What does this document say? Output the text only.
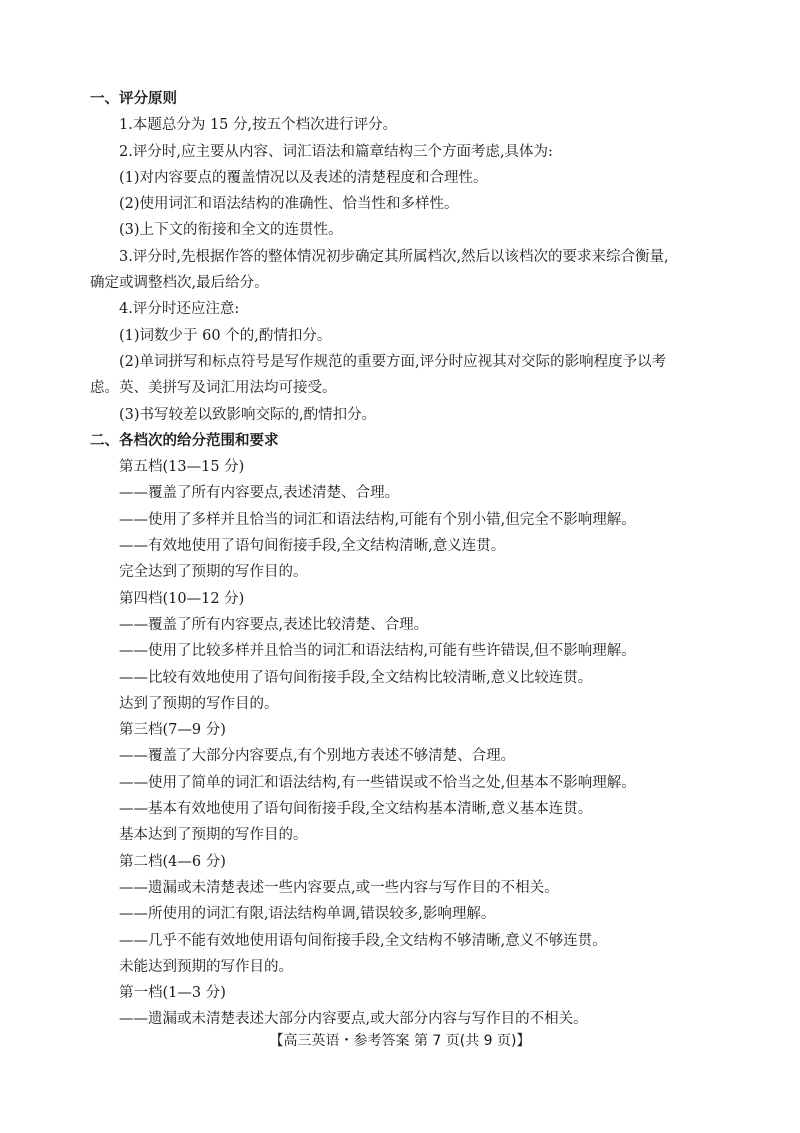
一、评分原则
1.本题总分为 15 分,按五个档次进行评分。
2.评分时,应主要从内容、词汇语法和篇章结构三个方面考虑,具体为:
(1)对内容要点的覆盖情况以及表述的清楚程度和合理性。
(2)使用词汇和语法结构的准确性、恰当性和多样性。
(3)上下文的衔接和全文的连贯性。
3.评分时,先根据作答的整体情况初步确定其所属档次,然后以该档次的要求来综合衡量,
确定或调整档次,最后给分。
4.评分时还应注意:
(1)词数少于 60 个的,酌情扣分。
(2)单词拼写和标点符号是写作规范的重要方面,评分时应视其对交际的影响程度予以考
虑。英、美拼写及词汇用法均可接受。
(3)书写较差以致影响交际的,酌情扣分。
二、各档次的给分范围和要求
第五档(13—15 分)
——覆盖了所有内容要点,表述清楚、合理。
——使用了多样并且恰当的词汇和语法结构,可能有个别小错,但完全不影响理解。
——有效地使用了语句间衔接手段,全文结构清晰,意义连贯。
完全达到了预期的写作目的。
第四档(10—12 分)
——覆盖了所有内容要点,表述比较清楚、合理。
——使用了比较多样并且恰当的词汇和语法结构,可能有些许错误,但不影响理解。
——比较有效地使用了语句间衔接手段,全文结构比较清晰,意义比较连贯。
达到了预期的写作目的。
第三档(7—9 分)
——覆盖了大部分内容要点,有个别地方表述不够清楚、合理。
——使用了简单的词汇和语法结构,有一些错误或不恰当之处,但基本不影响理解。
——基本有效地使用了语句间衔接手段,全文结构基本清晰,意义基本连贯。
基本达到了预期的写作目的。
第二档(4—6 分)
——遗漏或未清楚表述一些内容要点,或一些内容与写作目的不相关。
——所使用的词汇有限,语法结构单调,错误较多,影响理解。
——几乎不能有效地使用语句间衔接手段,全文结构不够清晰,意义不够连贯。
未能达到预期的写作目的。
第一档(1—3 分)
——遗漏或未清楚表述大部分内容要点,或大部分内容与写作目的不相关。
【高三英语・参考答案 第 7 页(共 9 页)】
